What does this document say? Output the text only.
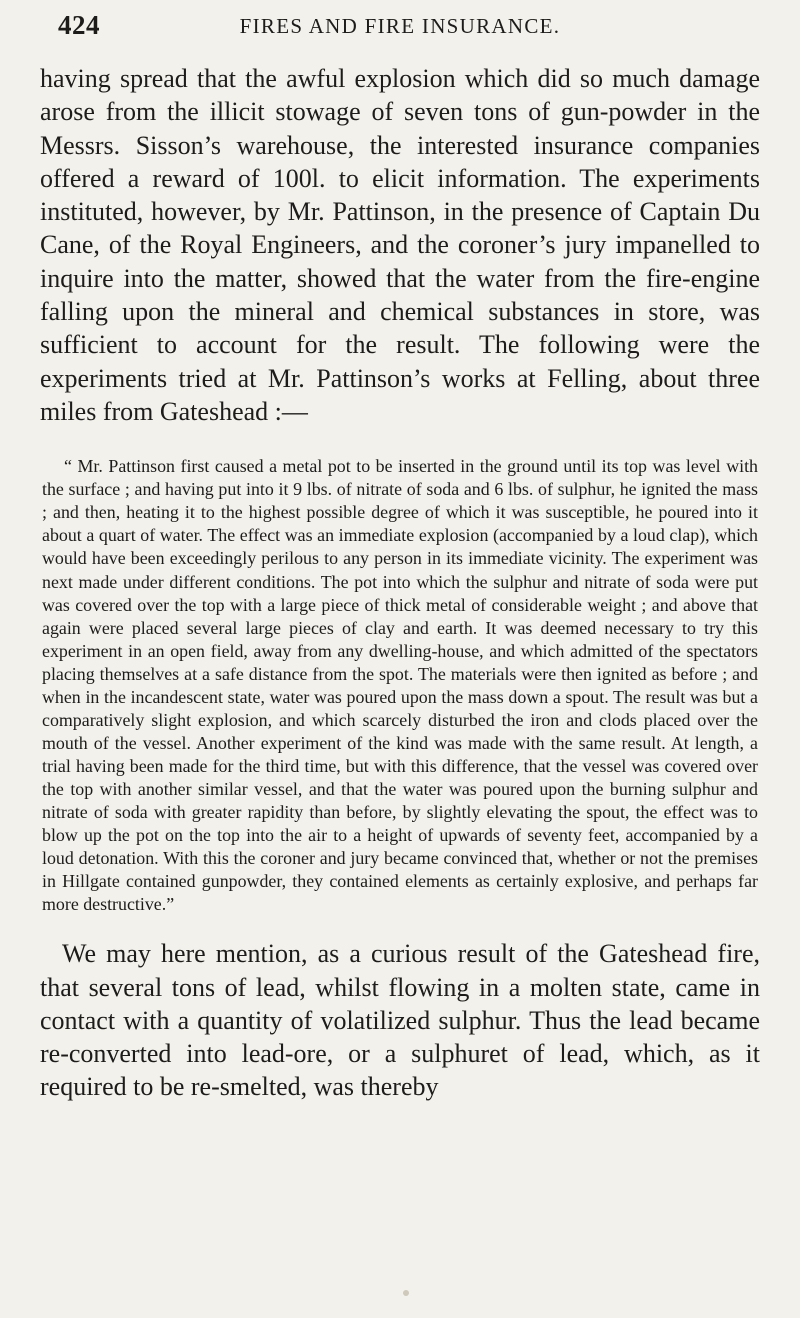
424	FIRES AND FIRE INSURANCE.

having spread that the awful explosion which did so much damage arose from the illicit stowage of seven tons of gun-powder in the Messrs. Sisson’s warehouse, the interested insurance companies offered a reward of 100l. to elicit information. The experiments instituted, however, by Mr. Pattinson, in the presence of Captain Du Cane, of the Royal Engineers, and the coroner’s jury impanelled to inquire into the matter, showed that the water from the fire-engine falling upon the mineral and chemical substances in store, was sufficient to account for the result. The following were the experiments tried at Mr. Pattinson’s works at Felling, about three miles from Gateshead :—

“ Mr. Pattinson first caused a metal pot to be inserted in the ground until its top was level with the surface ; and having put into it 9 lbs. of nitrate of soda and 6 lbs. of sulphur, he ignited the mass ; and then, heating it to the highest possible degree of which it was susceptible, he poured into it about a quart of water. The effect was an immediate explosion (accompanied by a loud clap), which would have been exceedingly perilous to any person in its immediate vicinity. The experiment was next made under different conditions. The pot into which the sulphur and nitrate of soda were put was covered over the top with a large piece of thick metal of considerable weight ; and above that again were placed several large pieces of clay and earth. It was deemed necessary to try this experiment in an open field, away from any dwelling-house, and which admitted of the spectators placing themselves at a safe distance from the spot. The materials were then ignited as before ; and when in the incandescent state, water was poured upon the mass down a spout. The result was but a comparatively slight explosion, and which scarcely disturbed the iron and clods placed over the mouth of the vessel. Another experiment of the kind was made with the same result. At length, a trial having been made for the third time, but with this difference, that the vessel was covered over the top with another similar vessel, and that the water was poured upon the burning sulphur and nitrate of soda with greater rapidity than before, by slightly elevating the spout, the effect was to blow up the pot on the top into the air to a height of upwards of seventy feet, accompanied by a loud detonation. With this the coroner and jury became convinced that, whether or not the premises in Hillgate contained gunpowder, they contained elements as certainly explosive, and perhaps far more destructive.”

We may here mention, as a curious result of the Gateshead fire, that several tons of lead, whilst flowing in a molten state, came in contact with a quantity of volatilized sulphur. Thus the lead became re-converted into lead-ore, or a sulphuret of lead, which, as it required to be re-smelted, was thereby
